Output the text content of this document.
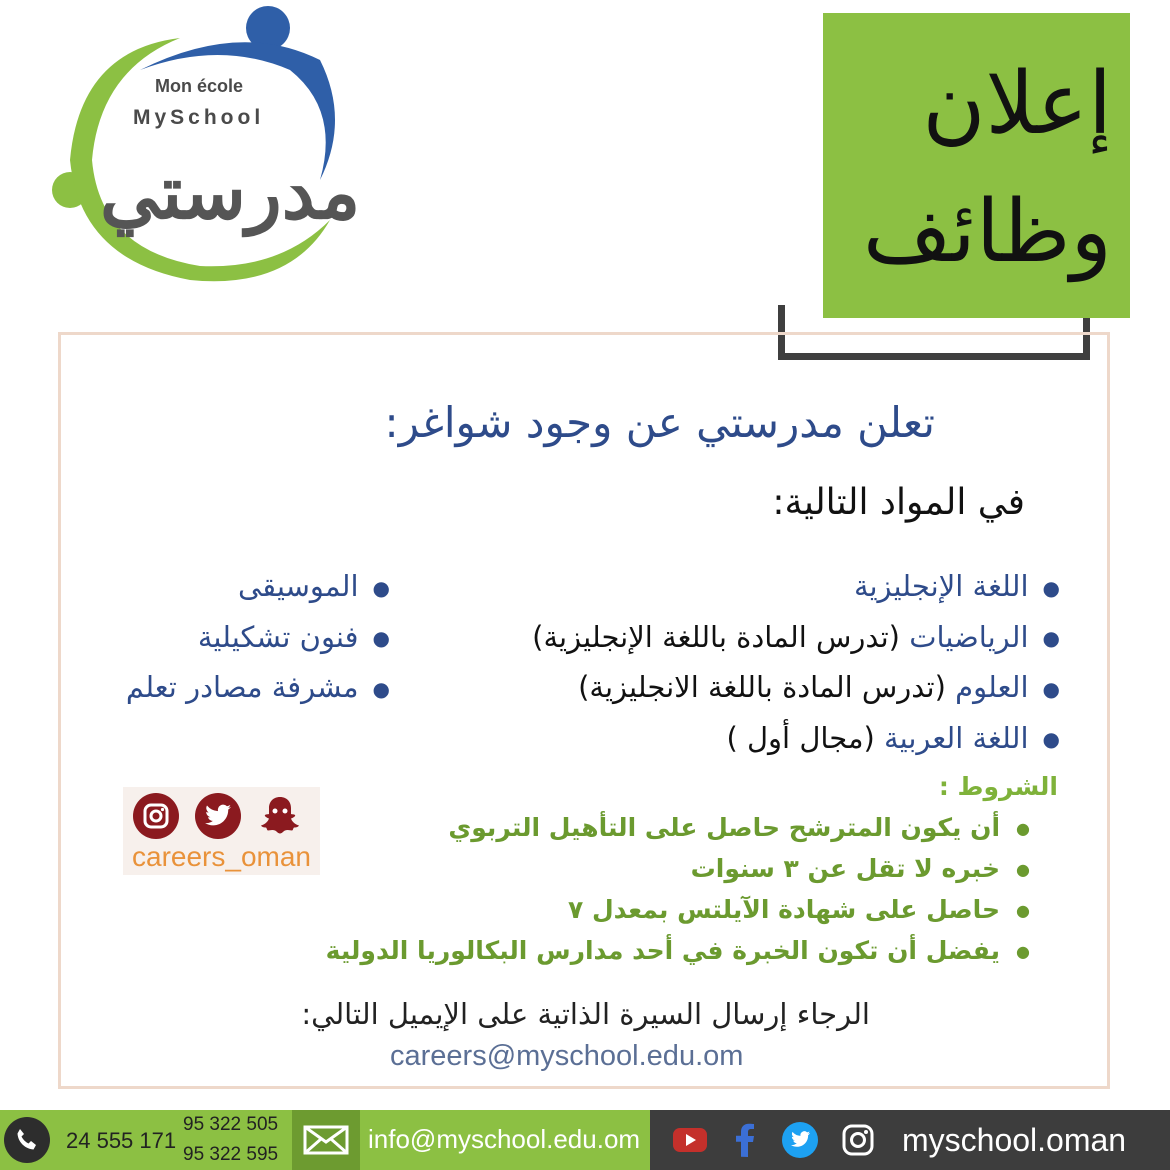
Mon école
MySchool
مدرستي
إعلان
وظائف
تعلن مدرستي عن وجود شواغر:
في المواد التالية:
●اللغة الإنجليزية
●الرياضيات (تدرس المادة باللغة الإنجليزية)
●العلوم (تدرس المادة باللغة الانجليزية)
●اللغة العربية (مجال أول )
●الموسيقى
●فنون تشكيلية
●مشرفة مصادر تعلم
الشروط :
●أن يكون المترشح حاصل على التأهيل التربوي
●خبره لا تقل عن ٣ سنوات
●حاصل على شهادة الآيلتس بمعدل ٧
●يفضل أن تكون الخبرة في أحد مدارس البكالوريا الدولية
الرجاء إرسال السيرة الذاتية على الإيميل التالي:
careers@myschool.edu.om
careers_oman
24 555 171
95 322 505
95 322 595
info@myschool.edu.om	myschool.oman
